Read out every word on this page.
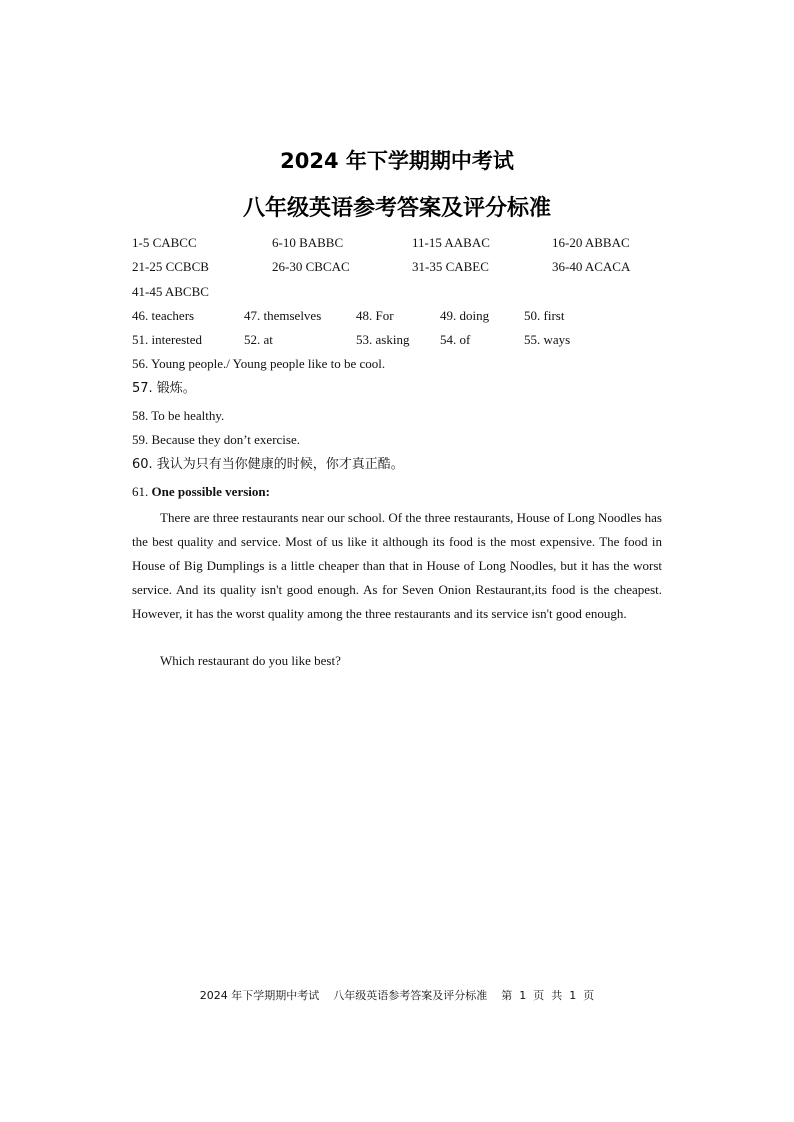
2024 年下学期期中考试
八年级英语参考答案及评分标准
1-5 CABCC	6-10 BABBC	11-15 AABAC	16-20 ABBAC
21-25 CCBCB	26-30 CBCAC	31-35 CABEC	36-40 ACACA
41-45 ABCBC
46. teachers	47. themselves	48. For	49. doing	50. first
51. interested	52. at	53. asking 54. of	55. ways
56. Young people./ Young people like to be cool.
57. 锻炼。
58. To be healthy.
59. Because they don’t exercise.
60. 我认为只有当你健康的时候，你才真正酷。
61. One possible version:

There are three restaurants near our school. Of the three restaurants, House of Long Noodles has the best quality and service. Most of us like it although its food is the most expensive. The food in House of Big Dumplings is a little cheaper than that in House of Long Noodles, but it has the worst service. And its quality isn't good enough. As for Seven Onion Restaurant,its food is the cheapest. However, it has the worst quality among the three restaurants and its service isn't good enough.

Which restaurant do you like best?
2024 年下学期期中考试    八年级英语参考答案及评分标准    第  1  页  共  1  页
